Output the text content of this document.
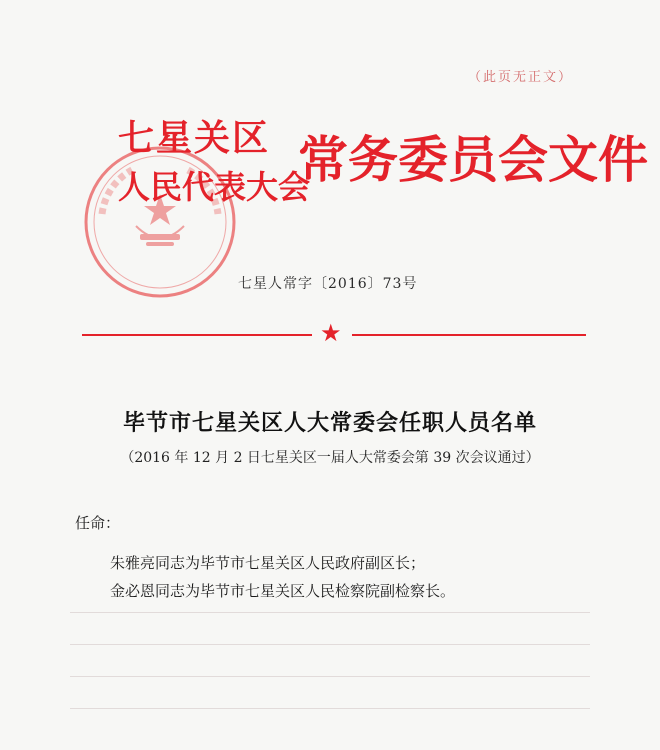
（此页无正文）
七星关区
人民代表大会
常务委员会文件
七星人常字〔2016〕73号
★
毕节市七星关区人大常委会任职人员名单
（2016 年 12 月 2 日七星关区一届人大常委会第 39 次会议通过）
任命：
朱雅亮同志为毕节市七星关区人民政府副区长；
金必恩同志为毕节市七星关区人民检察院副检察长。
